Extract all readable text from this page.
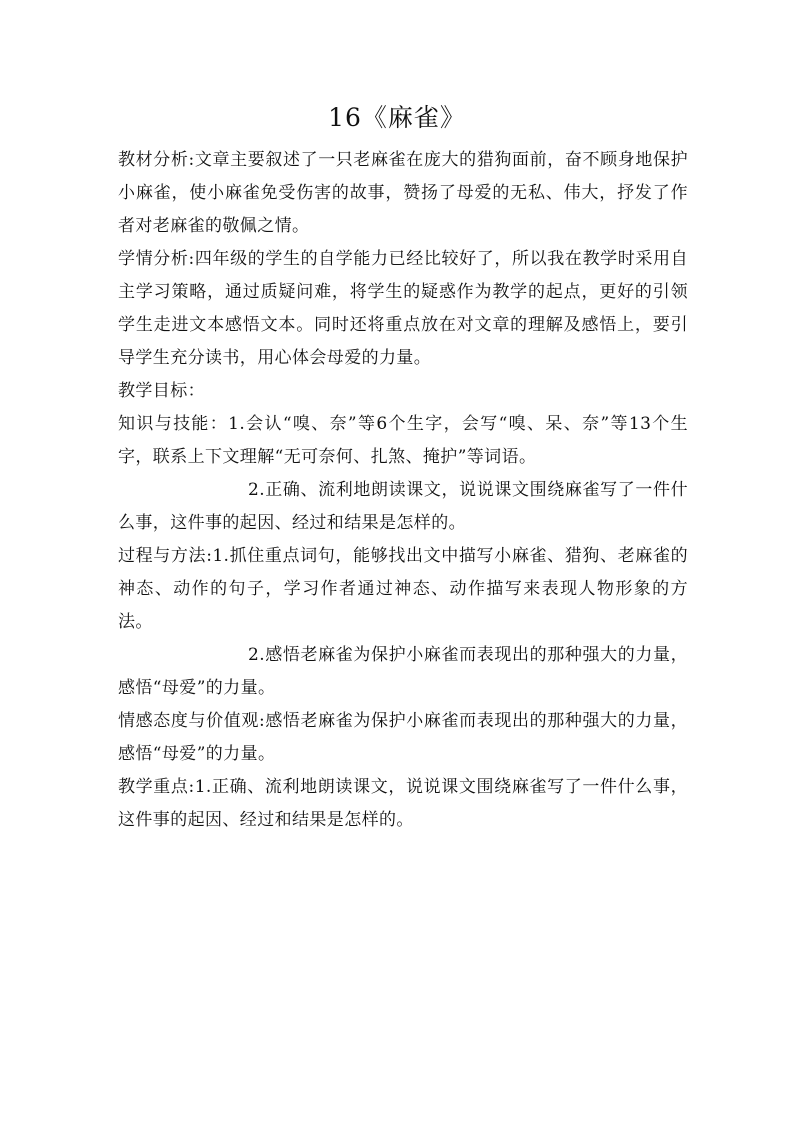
16《麻雀》

教材分析:文章主要叙述了一只老麻雀在庞大的猎狗面前，奋不顾身地保护小麻雀，使小麻雀免受伤害的故事，赞扬了母爱的无私、伟大，抒发了作者对老麻雀的敬佩之情。

学情分析:四年级的学生的自学能力已经比较好了，所以我在教学时采用自主学习策略，通过质疑问难，将学生的疑惑作为教学的起点，更好的引领学生走进文本感悟文本。同时还将重点放在对文章的理解及感悟上，要引导学生充分读书，用心体会母爱的力量。

教学目标：

知识与技能：1.会认“嗅、奈”等6个生字，会写“嗅、呆、奈”等13个生字，联系上下文理解“无可奈何、扎煞、掩护”等词语。

2.正确、流利地朗读课文，说说课文围绕麻雀写了一件什么事，这件事的起因、经过和结果是怎样的。

过程与方法:1.抓住重点词句，能够找出文中描写小麻雀、猎狗、老麻雀的神态、动作的句子，学习作者通过神态、动作描写来表现人物形象的方法。

2.感悟老麻雀为保护小麻雀而表现出的那种强大的力量，感悟“母爱”的力量。

情感态度与价值观:感悟老麻雀为保护小麻雀而表现出的那种强大的力量，感悟“母爱”的力量。

教学重点:1.正确、流利地朗读课文，说说课文围绕麻雀写了一件什么事，这件事的起因、经过和结果是怎样的。
